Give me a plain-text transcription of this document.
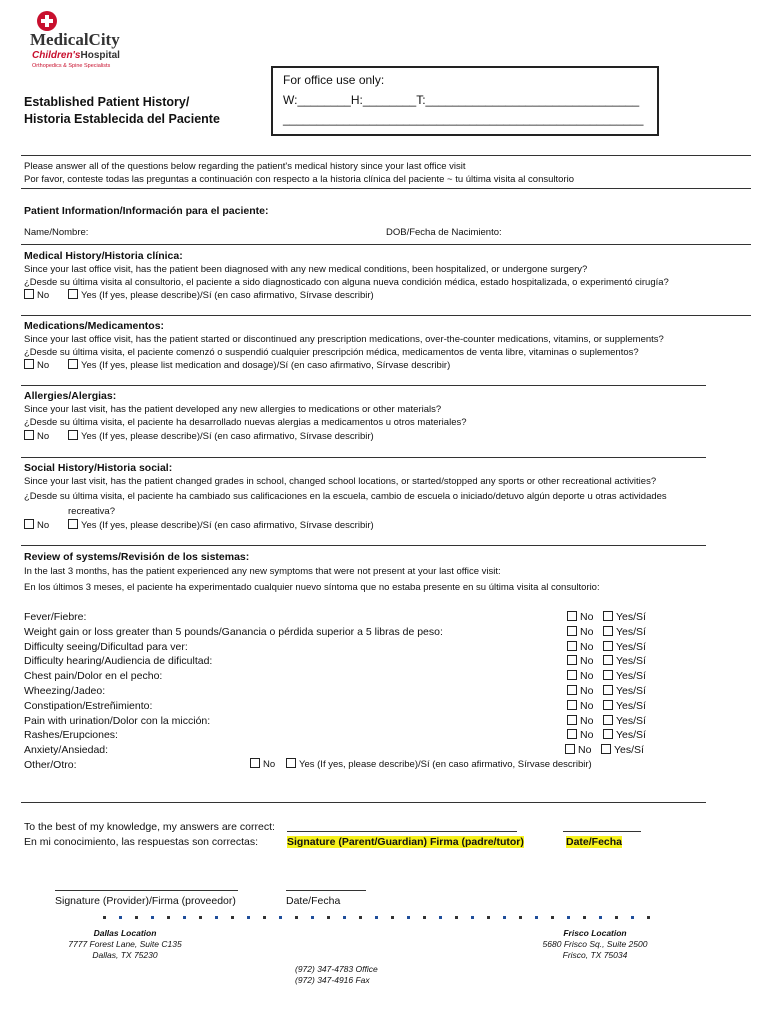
MedicalCity
Children'sHospital
Orthopedics & Spine Specialists
For office use only:
W:________H:________T:________________________________
______________________________________________________
Established Patient History/
Historia Establecida del Paciente
Please answer all of the questions below regarding the patient's medical history since your last office visit
Por favor, conteste todas las preguntas a continuación con respecto a la historia clínica del paciente ~ tu última visita al consultorio
Patient Information/Información para el paciente:
Name/Nombre:	DOB/Fecha de Nacimiento:
Medical History/Historia clínica:
Since your last office visit, has the patient been diagnosed with any new medical conditions, been hospitalized, or undergone surgery?
¿Desde su última visita al consultorio, el paciente a sido diagnosticado con alguna nueva condición médica, estado hospitalizada, o experimentó cirugía?
No	Yes (If yes, please describe)/Sí (en caso afirmativo, Sírvase describir)
Medications/Medicamentos:
Since your last office visit, has the patient started or discontinued any prescription medications, over-the-counter medications, vitamins, or supplements?
¿Desde su última visita, el paciente comenzó o suspendió cualquier prescripción médica, medicamentos de venta libre, vitaminas o suplementos?
No	Yes (If yes, please list medication and dosage)/Sí (en caso afirmativo, Sírvase describir)
Allergies/Alergias:
Since your last visit, has the patient developed any new allergies to medications or other materials?
¿Desde su última visita, el paciente ha desarrollado nuevas alergias a medicamentos u otros materiales?
No	Yes (If yes, please describe)/Sí (en caso afirmativo, Sírvase describir)
Social History/Historia social:
Since your last visit, has the patient changed grades in school, changed school locations, or started/stopped any sports or other recreational activities?
¿Desde su última visita, el paciente ha cambiado sus calificaciones en la escuela, cambio de escuela o iniciado/detuvo algún deporte u otras actividades
recreativa?
No	Yes (If yes, please describe)/Sí (en caso afirmativo, Sírvase describir)
Review of systems/Revisión de los sistemas:
In the last 3 months, has the patient experienced any new symptoms that were not present at your last office visit:
En los últimos 3 meses, el paciente ha experimentado cualquier nuevo síntoma que no estaba presente en su última visita al consultorio:
Fever/Fiebre:	No	Yes/Sí
Weight gain or loss greater than 5 pounds/Ganancia o pérdida superior a 5 libras de peso:	No	Yes/Sí
Difficulty seeing/Dificultad para ver:	No	Yes/Sí
Difficulty hearing/Audiencia de dificultad:	No	Yes/Sí
Chest pain/Dolor en el pecho:	No	Yes/Sí
Wheezing/Jadeo:	No	Yes/Sí
Constipation/Estreñimiento:	No	Yes/Sí
Pain with urination/Dolor con la micción:	No	Yes/Sí
Rashes/Erupciones:	No	Yes/Sí
Anxiety/Ansiedad:	No	Yes/Sí
Other/Otro:	No	Yes (If yes, please describe)/Sí (en caso afirmativo, Sírvase describir)
To the best of my knowledge, my answers are correct:
En mi conocimiento, las respuestas son correctas:	Signature (Parent/Guardian) Firma (padre/tutor)	Date/Fecha
Signature (Provider)/Firma (proveedor)	Date/Fecha
Dallas Location
7777 Forest Lane, Suite C135
Dallas, TX 75230
Frisco Location
5680 Frisco Sq., Suite 2500
Frisco, TX 75034
(972) 347-4783 Office
(972) 347-4916 Fax
